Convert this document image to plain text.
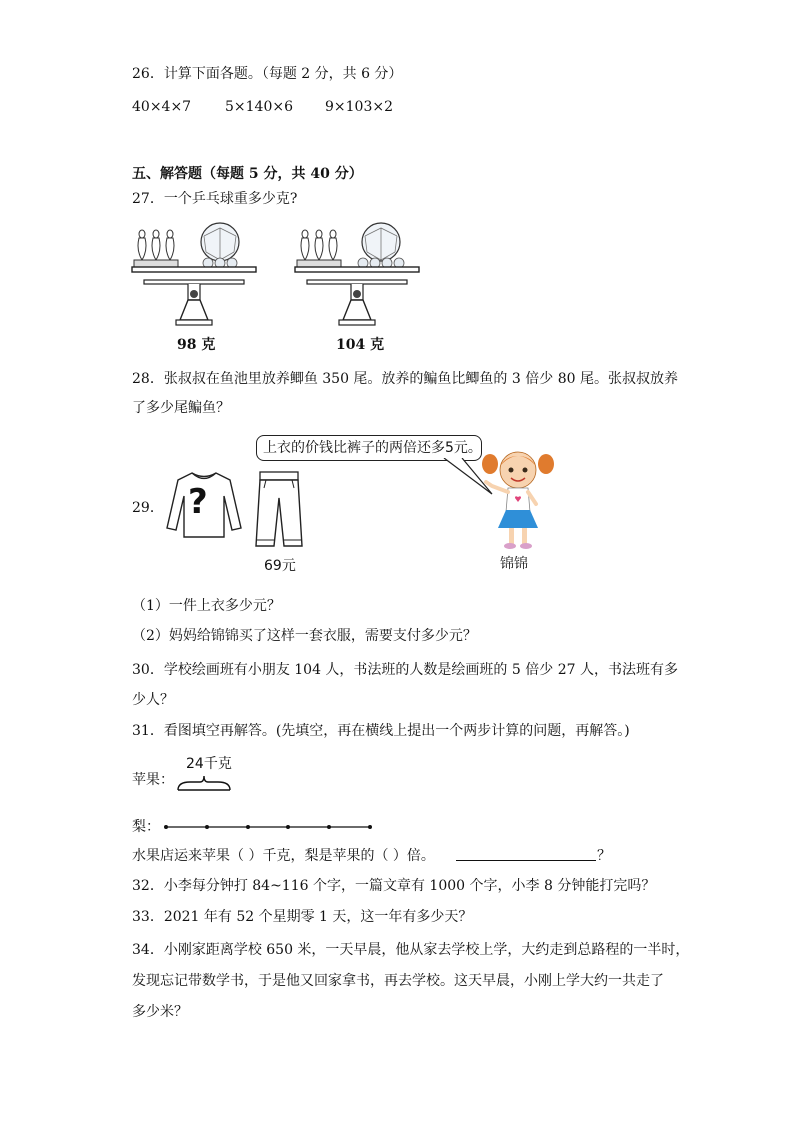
26．计算下面各题。（每题 2 分，共 6 分）
40×4×7 5×140×6 9×103×2
五、解答题（每题 5 分，共 40 分）
27．一个乒乓球重多少克?
98 克	104 克
28．张叔叔在鱼池里放养鲫鱼 350 尾。放养的鳊鱼比鲫鱼的 3 倍少 80 尾。张叔叔放养
了多少尾鳊鱼？
上衣的价钱比裤子的两倍还多5元。
29． ?
69元	锦锦
（1）一件上衣多少元？
（2）妈妈给锦锦买了这样一套衣服，需要支付多少元？
30．学校绘画班有小朋友 104 人，书法班的人数是绘画班的 5 倍少 27 人，书法班有多
少人？
31．看图填空再解答。(先填空，再在横线上提出一个两步计算的问题，再解答。)
24千克
苹果：
梨：
水果店运来苹果（ ）千克，梨是苹果的（ ）倍。	？
32．小李每分钟打 84~116 个字，一篇文章有 1000 个字，小李 8 分钟能打完吗？
33．2021 年有 52 个星期零 1 天，这一年有多少天？
34．小刚家距离学校 650 米，一天早晨，他从家去学校上学，大约走到总路程的一半时，
发现忘记带数学书，于是他又回家拿书，再去学校。这天早晨，小刚上学大约一共走了
多少米？
